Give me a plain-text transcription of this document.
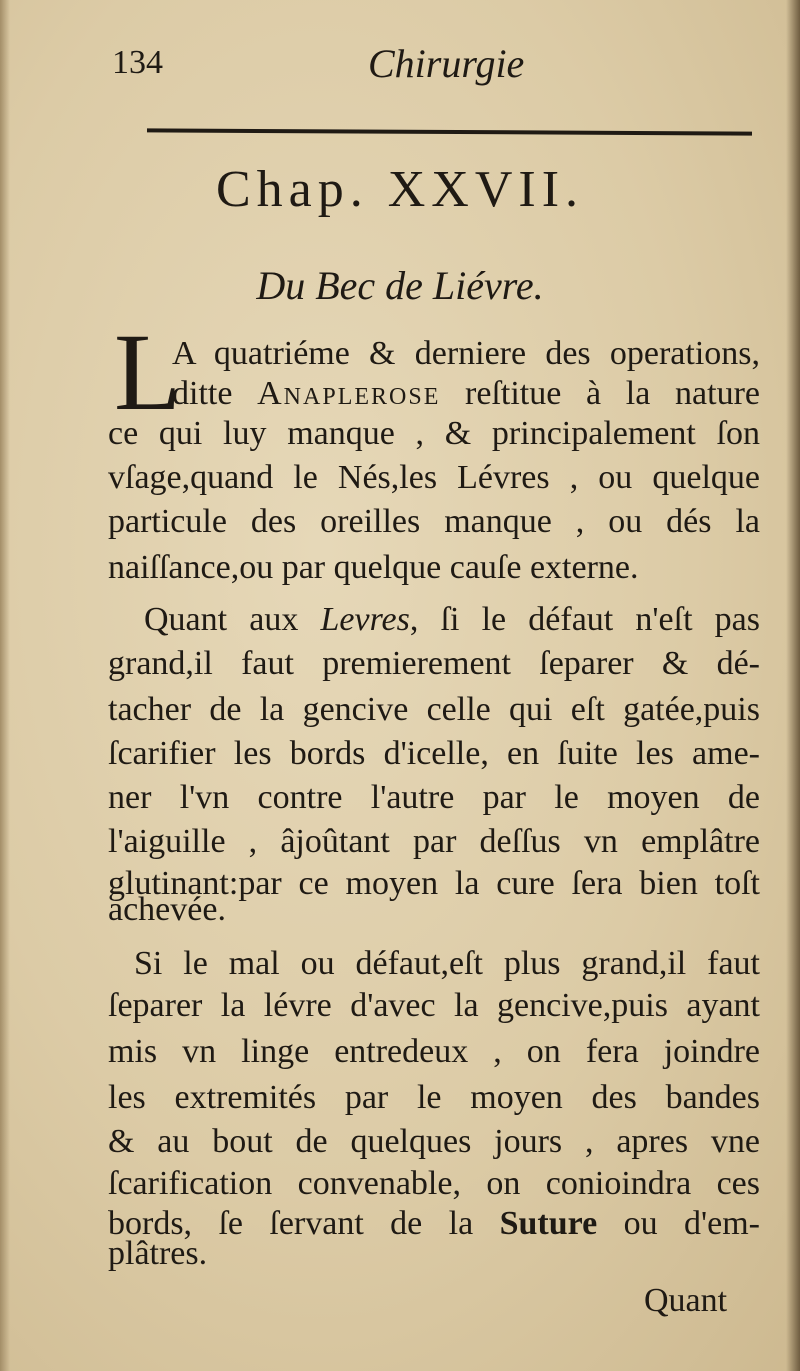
134	Chirurgie
Chap. XXVII.
Du Bec de Liévre.
L
A quatriéme & derniere des operations,
ditte Anaplerose reſtitue à la nature
ce qui luy manque , & principalement ſon
vſage,quand le Nés,les Lévres , ou quelque
particule des oreilles manque , ou dés la
naiſſance,ou par quelque cauſe externe.
Quant aux Levres, ſi le défaut n'eſt pas
grand,il faut premierement ſeparer & dé-
tacher de la gencive celle qui eſt gatée,puis
ſcarifier les bords d'icelle, en ſuite les ame-
ner l'vn contre l'autre par le moyen de
l'aiguille , âjoûtant par deſſus vn emplâtre
glutinant:par ce moyen la cure ſera bien toſt
achevée.
Si le mal ou défaut,eſt plus grand,il faut
ſeparer la lévre d'avec la gencive,puis ayant
mis vn linge entredeux , on fera joindre
les extremités par le moyen des bandes
& au bout de quelques jours , apres vne
ſcarification convenable, on conioindra ces
bords, ſe ſervant de la Suture ou d'em-
plâtres.
Quant
